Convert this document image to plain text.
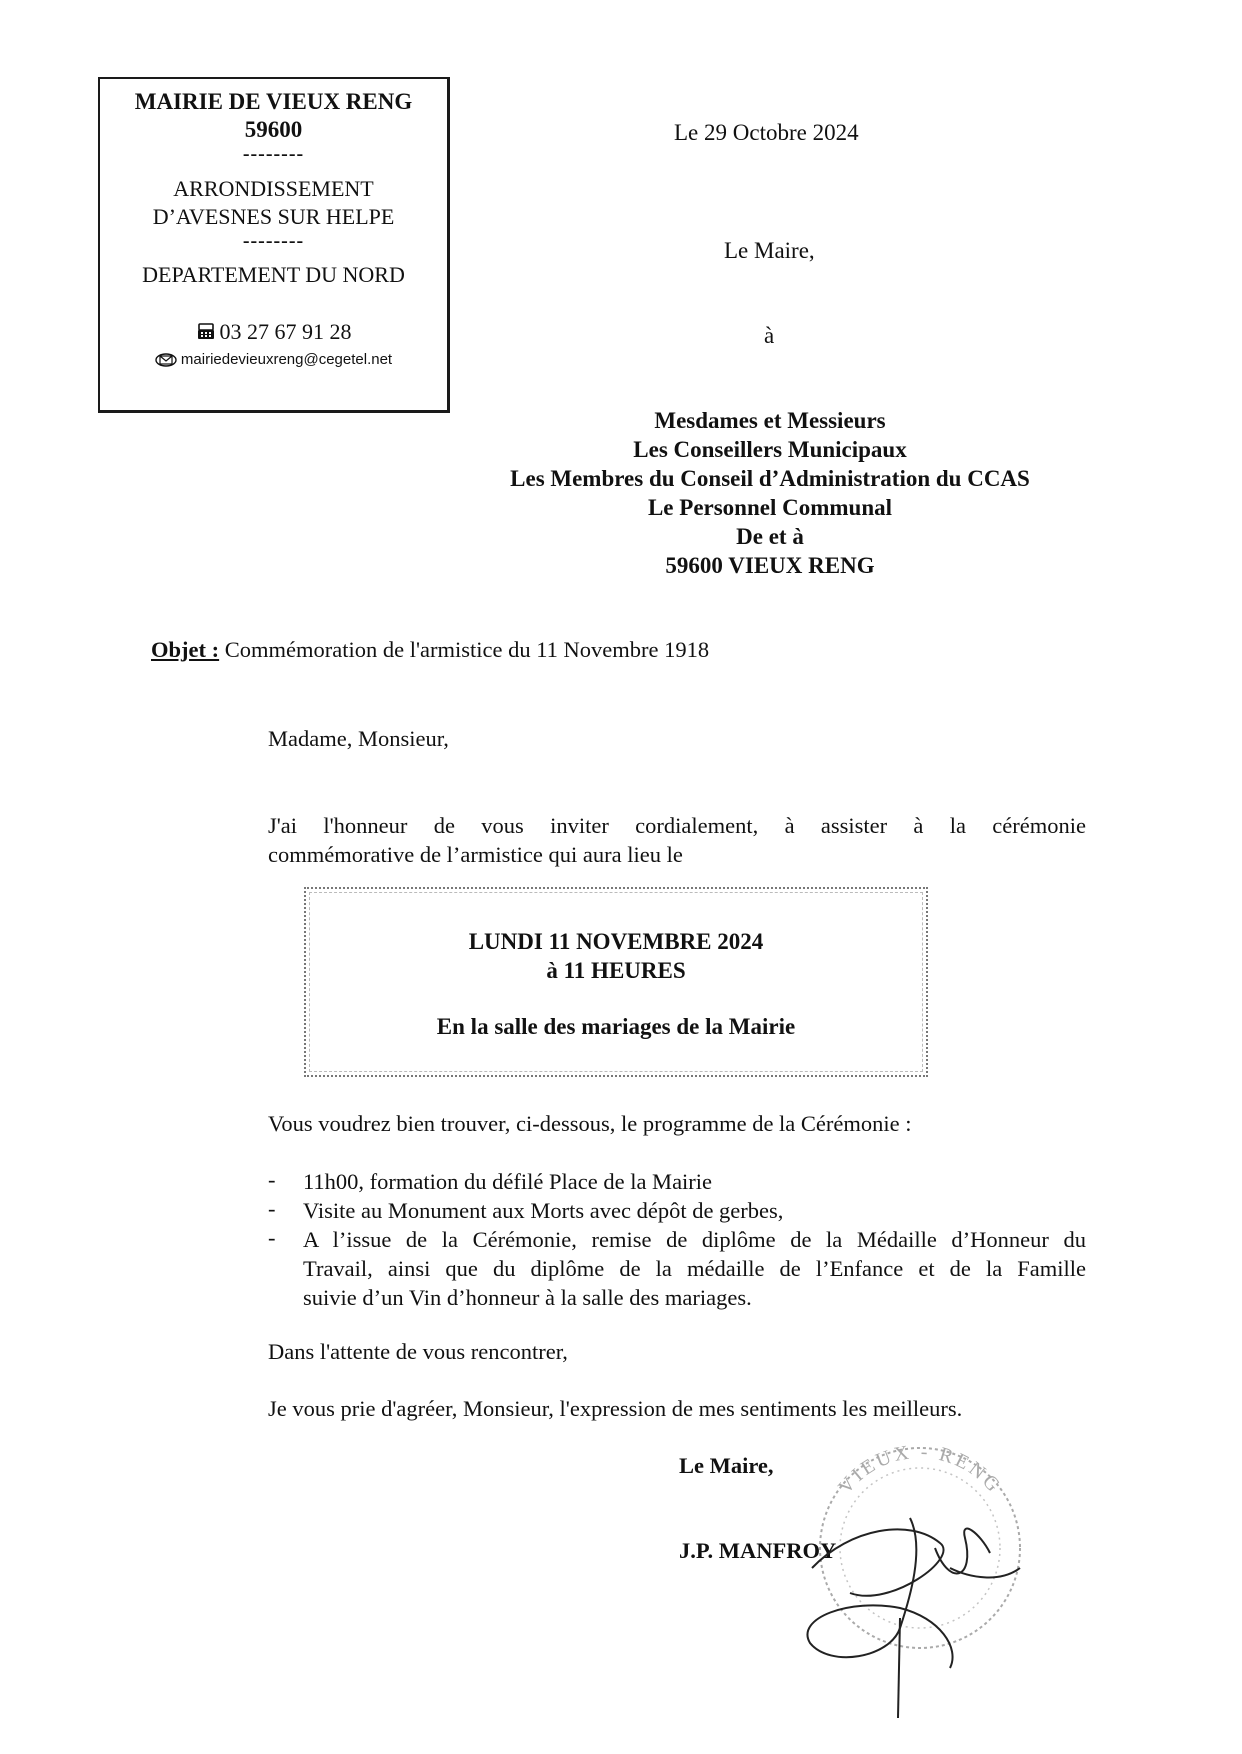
MAIRIE DE VIEUX RENG
59600
--------
ARRONDISSEMENT
D’AVESNES SUR HELPE
--------
DEPARTEMENT DU NORD
03 27 67 91 28
mairiedevieuxreng@cegetel.net
Le 29 Octobre 2024
Le Maire,
à
Mesdames et Messieurs
Les Conseillers Municipaux
Les Membres du Conseil d’Administration du CCAS
Le Personnel Communal
De et à
59600 VIEUX RENG
Objet : Commémoration de l'armistice du 11 Novembre 1918
Madame, Monsieur,
J'ai l'honneur de vous inviter cordialement, à assister à la cérémonie
commémorative de l’armistice qui aura lieu le
LUNDI 11 NOVEMBRE 2024
à 11 HEURES
En la salle des mariages de la Mairie
Vous voudrez bien trouver, ci-dessous, le programme de la Cérémonie :
- 11h00, formation du défilé Place de la Mairie
- Visite au Monument aux Morts avec dépôt de gerbes,
- A l’issue de la Cérémonie, remise de diplôme de la Médaille d’Honneur du
Travail, ainsi que du diplôme de la médaille de l’Enfance et de la Famille
suivie d’un Vin d’honneur à la salle des mariages.
Dans l'attente de vous rencontrer,
Je vous prie d'agréer, Monsieur, l'expression de mes sentiments les meilleurs.
Le Maire,
J.P. MANFROY
VIEUX - RENG
